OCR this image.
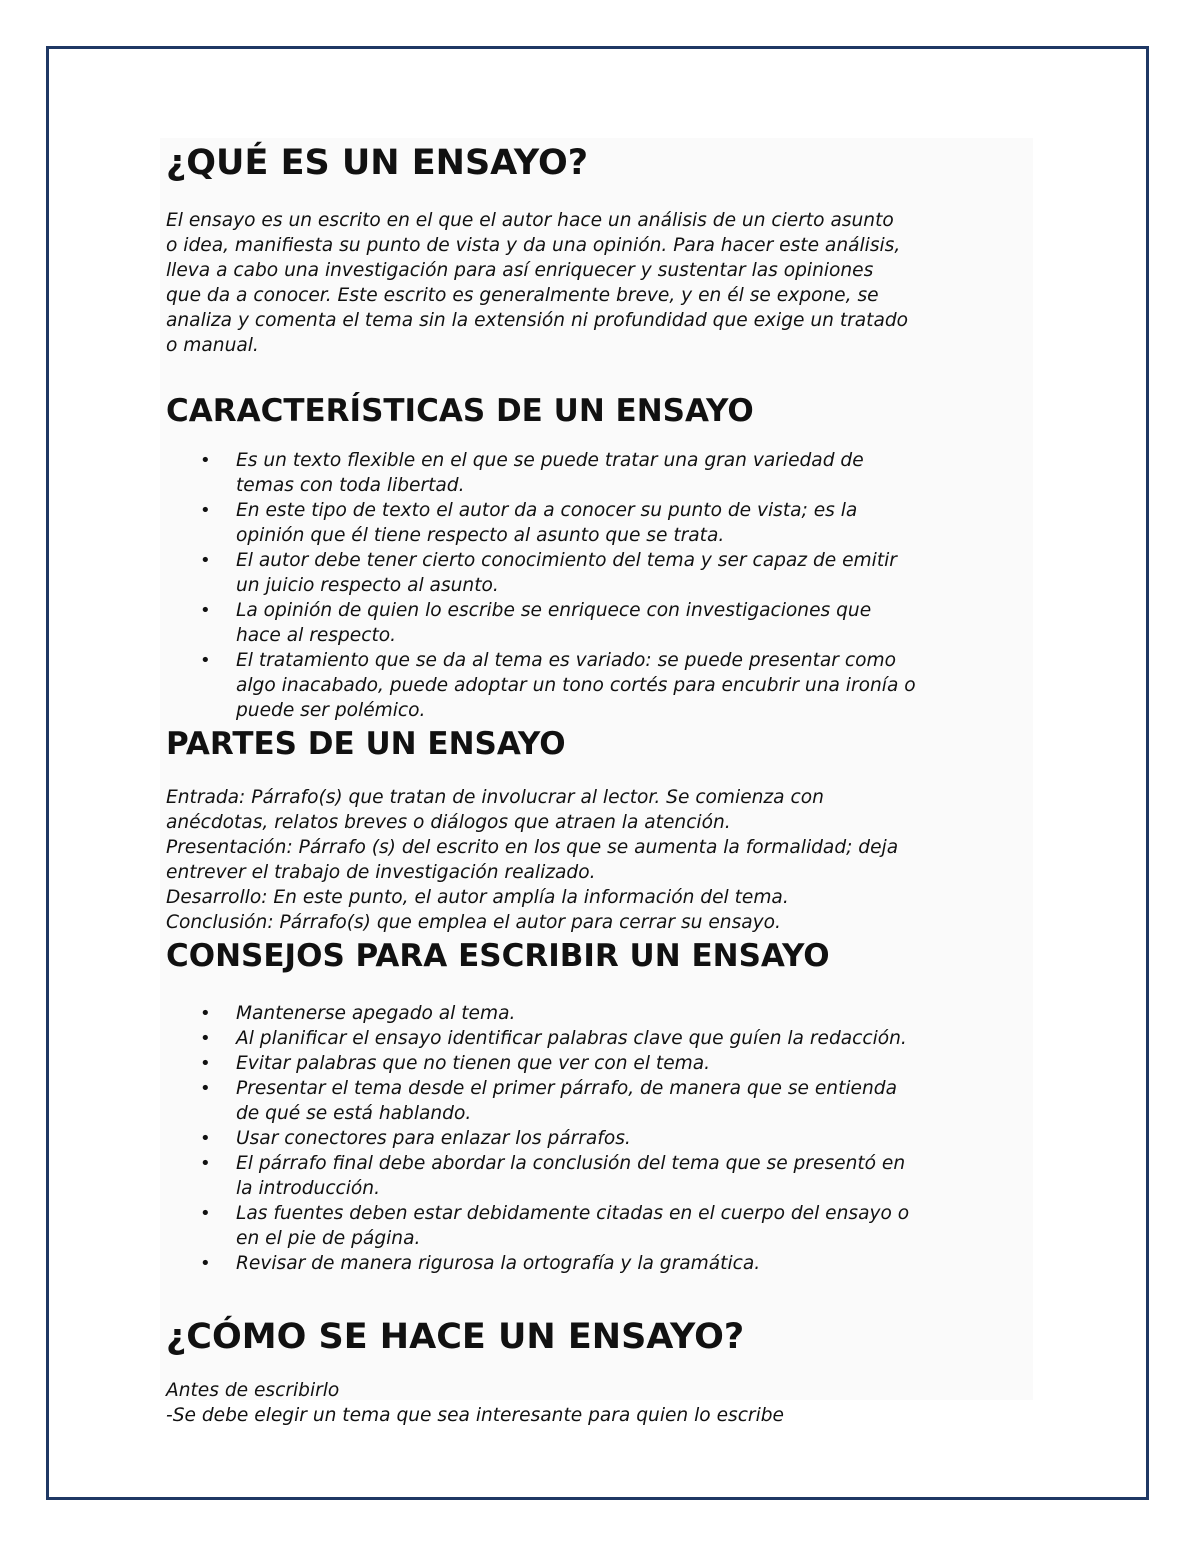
¿QUÉ ES UN ENSAYO?

El ensayo es un escrito en el que el autor hace un análisis de un cierto asunto
o idea, manifiesta su punto de vista y da una opinión. Para hacer este análisis,
lleva a cabo una investigación para así enriquecer y sustentar las opiniones
que da a conocer. Este escrito es generalmente breve, y en él se expone, se
analiza y comenta el tema sin la extensión ni profundidad que exige un tratado
o manual.

CARACTERÍSTICAS DE UN ENSAYO
• Es un texto flexible en el que se puede tratar una gran variedad de
temas con toda libertad.
• En este tipo de texto el autor da a conocer su punto de vista; es la
opinión que él tiene respecto al asunto que se trata.
• El autor debe tener cierto conocimiento del tema y ser capaz de emitir
un juicio respecto al asunto.
• La opinión de quien lo escribe se enriquece con investigaciones que
hace al respecto.
• El tratamiento que se da al tema es variado: se puede presentar como
algo inacabado, puede adoptar un tono cortés para encubrir una ironía o
puede ser polémico.
PARTES DE UN ENSAYO

Entrada: Párrafo(s) que tratan de involucrar al lector. Se comienza con
anécdotas, relatos breves o diálogos que atraen la atención.
Presentación: Párrafo (s) del escrito en los que se aumenta la formalidad; deja
entrever el trabajo de investigación realizado.
Desarrollo: En este punto, el autor amplía la información del tema.
Conclusión: Párrafo(s) que emplea el autor para cerrar su ensayo.

CONSEJOS PARA ESCRIBIR UN ENSAYO
• Mantenerse apegado al tema.
• Al planificar el ensayo identificar palabras clave que guíen la redacción.
• Evitar palabras que no tienen que ver con el tema.
• Presentar el tema desde el primer párrafo, de manera que se entienda
de qué se está hablando.
• Usar conectores para enlazar los párrafos.
• El párrafo final debe abordar la conclusión del tema que se presentó en
la introducción.
• Las fuentes deben estar debidamente citadas en el cuerpo del ensayo o
en el pie de página.
• Revisar de manera rigurosa la ortografía y la gramática.
¿CÓMO SE HACE UN ENSAYO?

Antes de escribirlo
-Se debe elegir un tema que sea interesante para quien lo escribe
